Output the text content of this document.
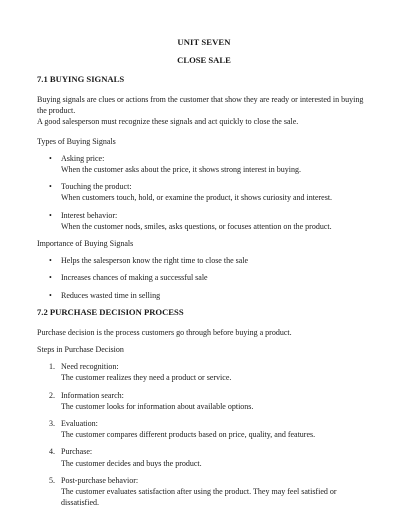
UNIT SEVEN
CLOSE SALE

7.1 BUYING SIGNALS

Buying signals are clues or actions from the customer that show they are ready or interested in buying the product.

A good salesperson must recognize these signals and act quickly to close the sale.

Types of Buying Signals

• Asking price:
When the customer asks about the price, it shows strong interest in buying.
• Touching the product:
When customers touch, hold, or examine the product, it shows curiosity and interest.
• Interest behavior:
When the customer nods, smiles, asks questions, or focuses attention on the product.

Importance of Buying Signals

• Helps the salesperson know the right time to close the sale
• Increases chances of making a successful sale
• Reduces wasted time in selling

7.2 PURCHASE DECISION PROCESS

Purchase decision is the process customers go through before buying a product.

Steps in Purchase Decision

1. Need recognition:
The customer realizes they need a product or service.
2. Information search:
The customer looks for information about available options.
3. Evaluation:
The customer compares different products based on price, quality, and features.
4. Purchase:
The customer decides and buys the product.
5. Post-purchase behavior:
The customer evaluates satisfaction after using the product. They may feel satisfied or dissatisfied.
